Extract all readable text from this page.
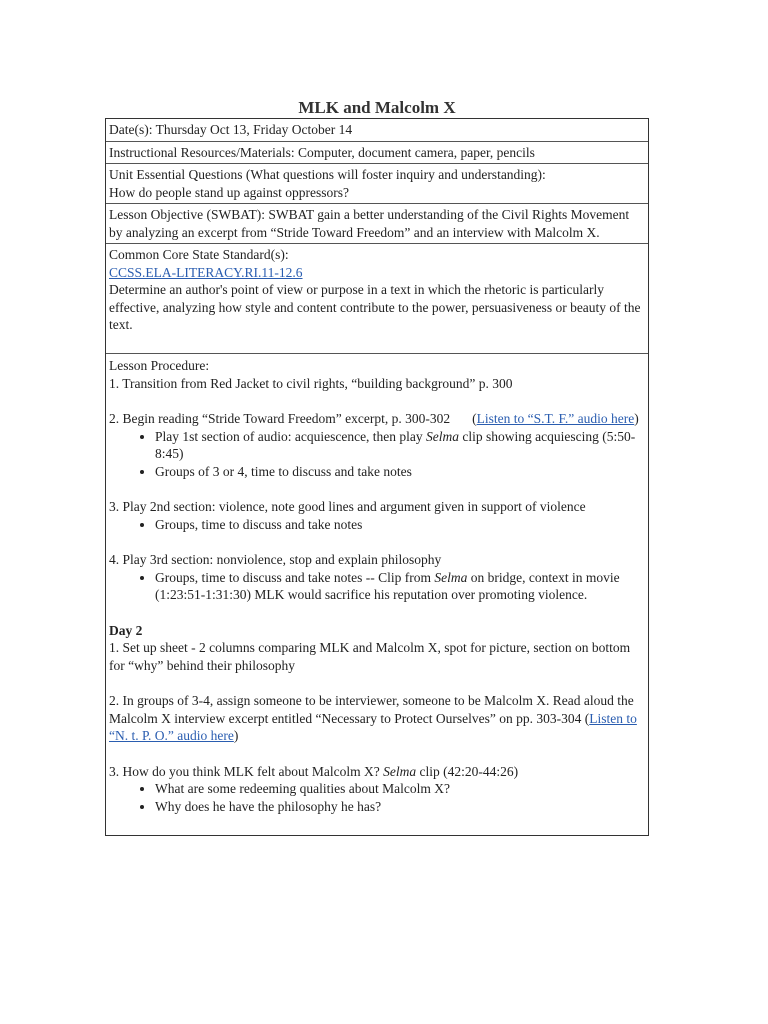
MLK and Malcolm X

Date(s): Thursday Oct 13, Friday October 14

Instructional Resources/Materials: Computer, document camera, paper, pencils

Unit Essential Questions (What questions will foster inquiry and understanding):

How do people stand up against oppressors?

Lesson Objective (SWBAT): SWBAT gain a better understanding of the Civil Rights Movement by analyzing an excerpt from “Stride Toward Freedom” and an interview with Malcolm X.

Common Core State Standard(s):

CCSS.ELA-LITERACY.RI.11-12.6

Determine an author's point of view or purpose in a text in which the rhetoric is particularly effective, analyzing how style and content contribute to the power, persuasiveness or beauty of the text.

Lesson Procedure:

1. Transition from Red Jacket to civil rights, “building background” p. 300

2. Begin reading “Stride Toward Freedom” excerpt, p. 300-302 (Listen to “S.T. F.” audio here)

• Play 1st section of audio: acquiescence, then play Selma clip showing acquiescing (5:50-8:45)
• Groups of 3 or 4, time to discuss and take notes

3. Play 2nd section: violence, note good lines and argument given in support of violence

• Groups, time to discuss and take notes

4. Play 3rd section: nonviolence, stop and explain philosophy

• Groups, time to discuss and take notes -- Clip from Selma on bridge, context in movie (1:23:51-1:31:30) MLK would sacrifice his reputation over promoting violence.

Day 2

1. Set up sheet - 2 columns comparing MLK and Malcolm X, spot for picture, section on bottom for “why” behind their philosophy

2. In groups of 3-4, assign someone to be interviewer, someone to be Malcolm X. Read aloud the Malcolm X interview excerpt entitled “Necessary to Protect Ourselves” on pp. 303-304 (Listen to “N. t. P. O.” audio here)

3. How do you think MLK felt about Malcolm X? Selma clip (42:20-44:26)

• What are some redeeming qualities about Malcolm X?
• Why does he have the philosophy he has?
